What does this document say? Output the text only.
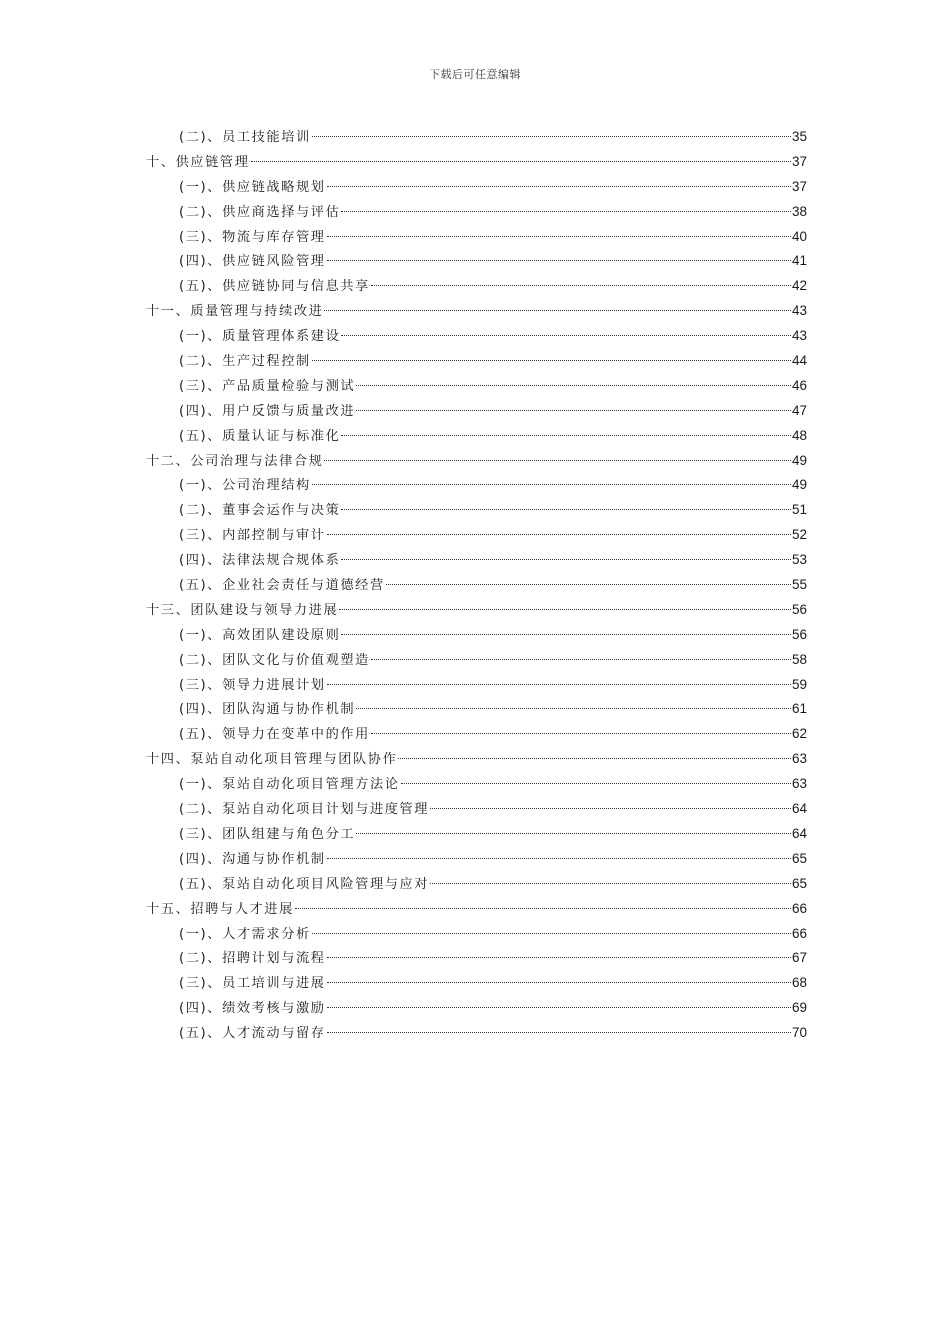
下载后可任意编辑
(二)、员工技能培训	35
十、供应链管理	37
(一)、供应链战略规划	37
(二)、供应商选择与评估	38
(三)、物流与库存管理	40
(四)、供应链风险管理	41
(五)、供应链协同与信息共享	42
十一、质量管理与持续改进	43
(一)、质量管理体系建设	43
(二)、生产过程控制	44
(三)、产品质量检验与测试	46
(四)、用户反馈与质量改进	47
(五)、质量认证与标准化	48
十二、公司治理与法律合规	49
(一)、公司治理结构	49
(二)、董事会运作与决策	51
(三)、内部控制与审计	52
(四)、法律法规合规体系	53
(五)、企业社会责任与道德经营	55
十三、团队建设与领导力进展	56
(一)、高效团队建设原则	56
(二)、团队文化与价值观塑造	58
(三)、领导力进展计划	59
(四)、团队沟通与协作机制	61
(五)、领导力在变革中的作用	62
十四、泵站自动化项目管理与团队协作	63
(一)、泵站自动化项目管理方法论	63
(二)、泵站自动化项目计划与进度管理	64
(三)、团队组建与角色分工	64
(四)、沟通与协作机制	65
(五)、泵站自动化项目风险管理与应对	65
十五、招聘与人才进展	66
(一)、人才需求分析	66
(二)、招聘计划与流程	67
(三)、员工培训与进展	68
(四)、绩效考核与激励	69
(五)、人才流动与留存	70
